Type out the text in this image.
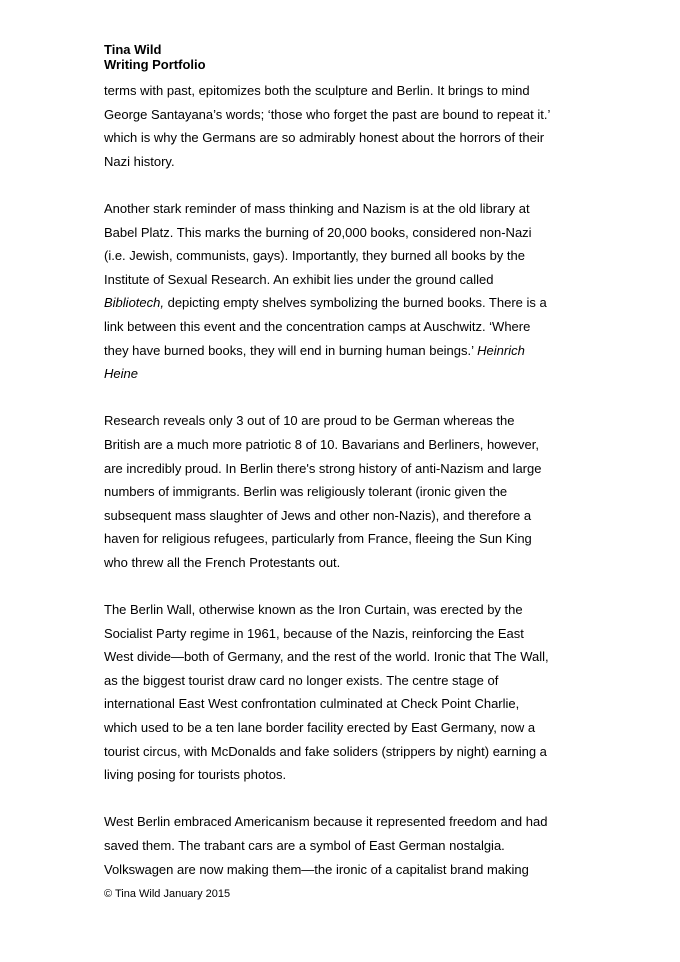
Tina Wild
Writing Portfolio
terms with past, epitomizes both the sculpture and Berlin. It brings to mind
George Santayana’s words; ‘those who forget the past are bound to repeat it.’
which is why the Germans are so admirably honest about the horrors of their
Nazi history.
Another stark reminder of mass thinking and Nazism is at the old library at
Babel Platz. This marks the burning of 20,000 books, considered non-Nazi
(i.e. Jewish, communists, gays). Importantly, they burned all books by the
Institute of Sexual Research. An exhibit lies under the ground called
Bibliotech, depicting empty shelves symbolizing the burned books. There is a
link between this event and the concentration camps at Auschwitz. ‘Where
they have burned books, they will end in burning human beings.’ Heinrich
Heine
Research reveals only 3 out of 10 are proud to be German whereas the
British are a much more patriotic 8 of 10. Bavarians and Berliners, however,
are incredibly proud. In Berlin there's strong history of anti-Nazism and large
numbers of immigrants. Berlin was religiously tolerant (ironic given the
subsequent mass slaughter of Jews and other non-Nazis), and therefore a
haven for religious refugees, particularly from France, fleeing the Sun King
who threw all the French Protestants out.
The Berlin Wall, otherwise known as the Iron Curtain, was erected by the
Socialist Party regime in 1961, because of the Nazis, reinforcing the East
West divide—both of Germany, and the rest of the world. Ironic that The Wall,
as the biggest tourist draw card no longer exists. The centre stage of
international East West confrontation culminated at Check Point Charlie,
which used to be a ten lane border facility erected by East Germany, now a
tourist circus, with McDonalds and fake soliders (strippers by night) earning a
living posing for tourists photos.
West Berlin embraced Americanism because it represented freedom and had
saved them. The trabant cars are a symbol of East German nostalgia.
Volkswagen are now making them—the ironic of a capitalist brand making
© Tina Wild January 2015
